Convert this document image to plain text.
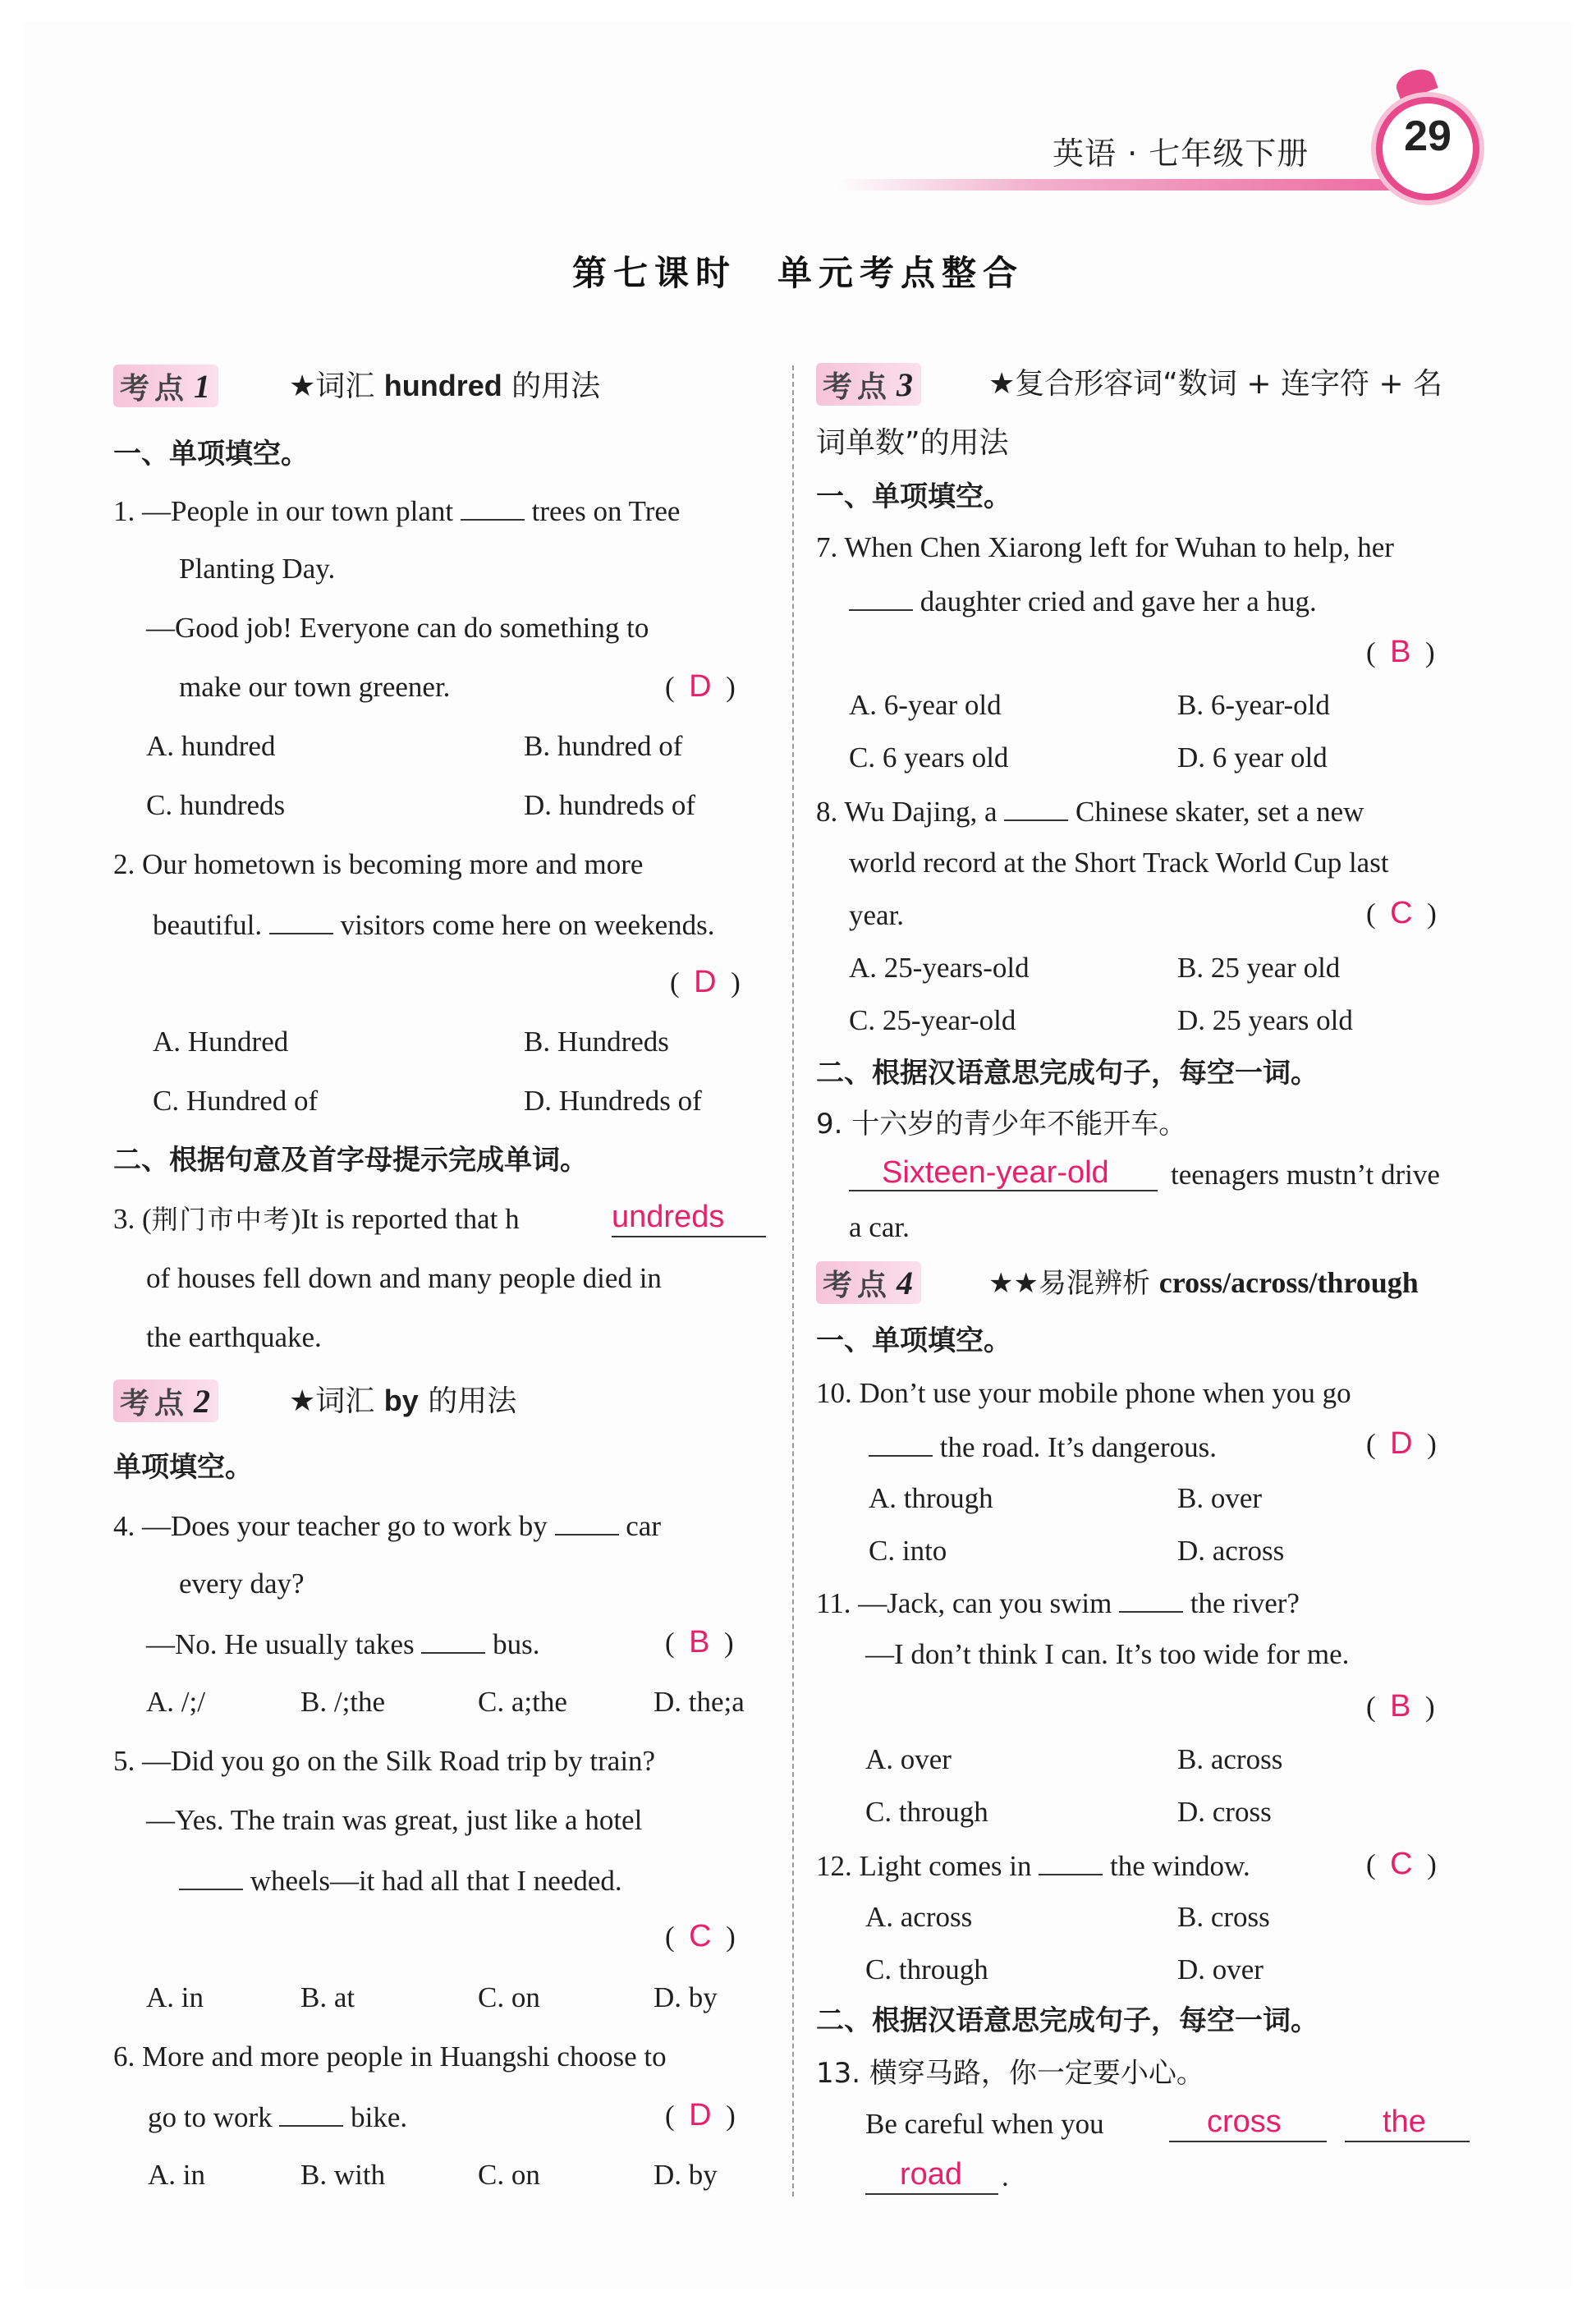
英语 · 七年级下册	29
第七课时　单元考点整合
考点 1	★词汇 hundred 的用法
一、单项填空。
1. —People in our town plant	trees on Tree
Planting Day.
—Good job! Everyone can do something to
make our town greener.	(  D  )
A. hundred	B. hundred of
C. hundreds	D. hundreds of
2. Our hometown is becoming more and more
beautiful.	visitors come here on weekends.
(  D  )
A. Hundred	B. Hundreds
C. Hundred of	D. Hundreds of
二、根据句意及首字母提示完成单词。
3. (荆门市中考)It is reported that h	undreds
of houses fell down and many people died in
the earthquake.
考点 2	★词汇 by 的用法
单项填空。
4. —Does your teacher go to work by	car
every day?
—No. He usually takes	bus.	(  B  )
A. /;/	B. /;the	C. a;the	D. the;a
5. —Did you go on the Silk Road trip by train?
—Yes. The train was great, just like a hotel
wheels—it had all that I needed.
(  C  )
A. in	B. at	C. on	D. by
6. More and more people in Huangshi choose to
go to work	bike.	(  D  )
A. in	B. with	C. on	D. by
考点 3	★复合形容词“数词 + 连字符 + 名
词单数”的用法
一、单项填空。
7. When Chen Xiarong left for Wuhan to help, her
daughter cried and gave her a hug.
(  B  )
A. 6-year old	B. 6-year-old
C. 6 years old	D. 6 year old
8. Wu Dajing, a	Chinese skater, set a new
world record at the Short Track World Cup last
year.	(  C  )
A. 25-years-old	B. 25 year old
C. 25-year-old	D. 25 years old
二、根据汉语意思完成句子，每空一词。
9. 十六岁的青少年不能开车。
Sixteen-year-old teenagers mustn’t drive
a car.
考点 4	★★易混辨析 cross/across/through
一、单项填空。
10. Don’t use your mobile phone when you go
the road. It’s dangerous.	(  D  )
A. through	B. over
C. into	D. across
11. —Jack, can you swim	the river?
—I don’t think I can. It’s too wide for me.
(  B  )
A. over	B. across
C. through	D. cross
12. Light comes in	the window.	(  C  )
A. across	B. cross
C. through	D. over
二、根据汉语意思完成句子，每空一词。
13. 横穿马路，你一定要小心。
Be careful when you	cross	the
road .
